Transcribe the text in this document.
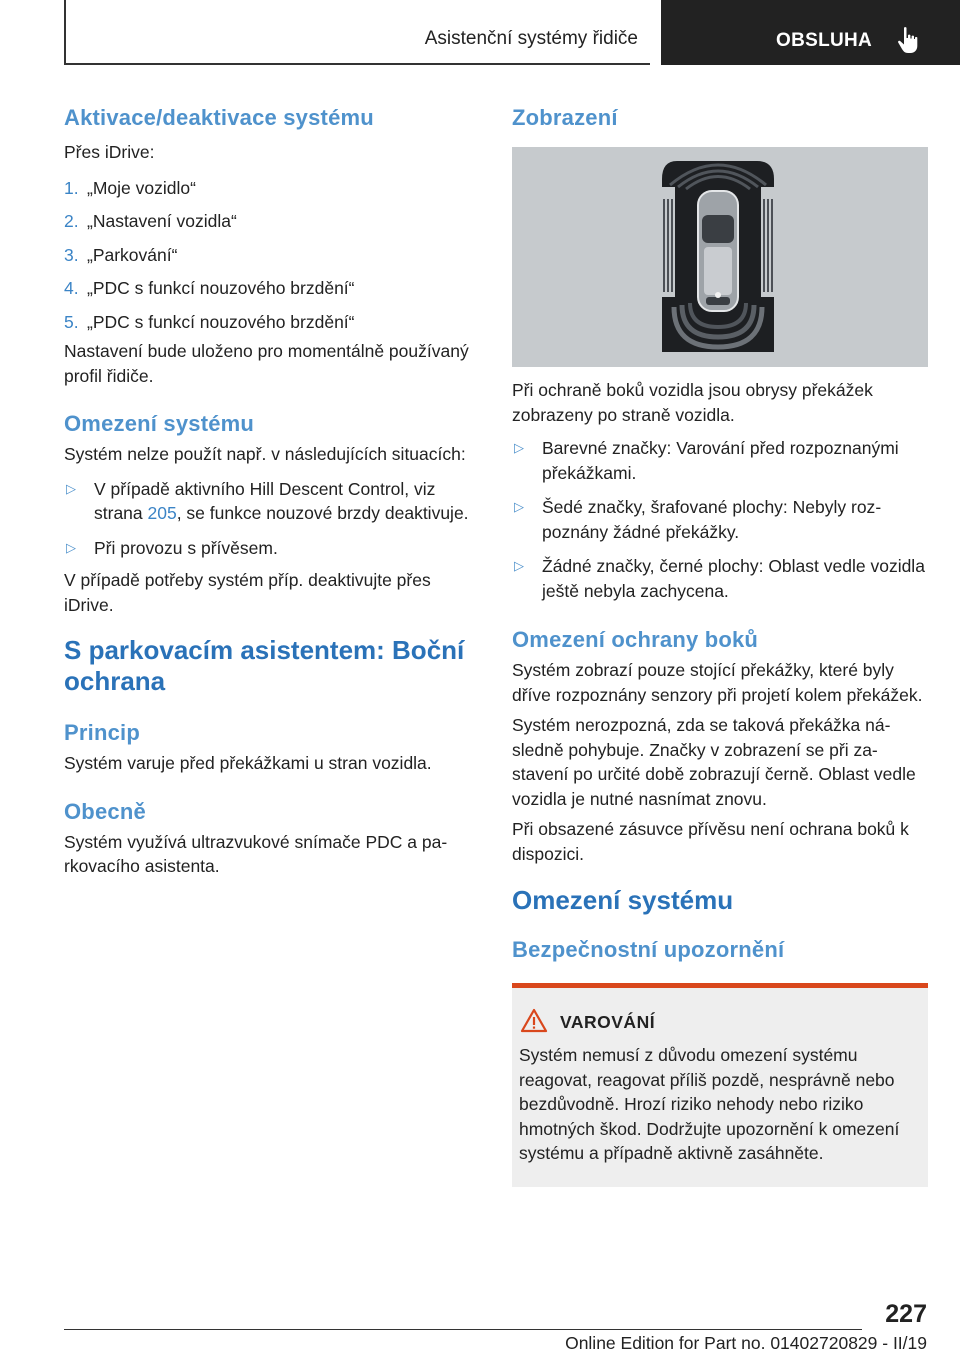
Asistenční systémy řidiče	OBSLUHA
Aktivace/deaktivace systému

Přes iDrive:

1. „Moje vozidlo“
2. „Nastavení vozidla“
3. „Parkování“
4. „PDC s funkcí nouzového brzdění“
5. „PDC s funkcí nouzového brzdění“

Nastavení bude uloženo pro momentálně používaný profil řidiče.

Omezení systému

Systém nelze použít např. v následujících situacích:

▷ V případě aktivního Hill Descent Control, viz strana 205, se funkce nouzové brzdy deaktivuje.
▷ Při provozu s přívěsem.

V případě potřeby systém příp. deaktivujte přes iDrive.

S parkovacím asistentem: Boční ochrana
Princip

Systém varuje před překážkami u stran vozidla.

Obecně

Systém využívá ultrazvukové snímače PDC a parkovacího asistenta.

Zobrazení

Při ochraně boků vozidla jsou obrysy překážek zobrazeny po straně vozidla.

▷ Barevné značky: Varování před rozpoznanými překážkami.
▷ Šedé značky, šrafované plochy: Nebyly rozpoznány žádné překážky.
▷ Žádné značky, černé plochy: Oblast vedle vozidla ještě nebyla zachycena.
Omezení ochrany boků

Systém zobrazí pouze stojící překážky, které byly dříve rozpoznány senzory při projetí kolem překážek.

Systém nerozpozná, zda se taková překážka následně pohybuje. Značky v zobrazení se při zastavení po určité době zobrazují černě. Oblast vedle vozidla je nutné nasnímat znovu.

Při obsazené zásuvce přívěsu není ochrana boků k dispozici.

Omezení systému
Bezpečnostní upozornění
VAROVÁNÍ
Systém nemusí z důvodu omezení systému reagovat, reagovat příliš pozdě, nesprávně nebo bezdůvodně. Hrozí riziko nehody nebo riziko hmotných škod. Dodržujte upozornění k omezení systému a případně aktivně zasáhněte.
227
Online Edition for Part no. 01402720829 - II/19
